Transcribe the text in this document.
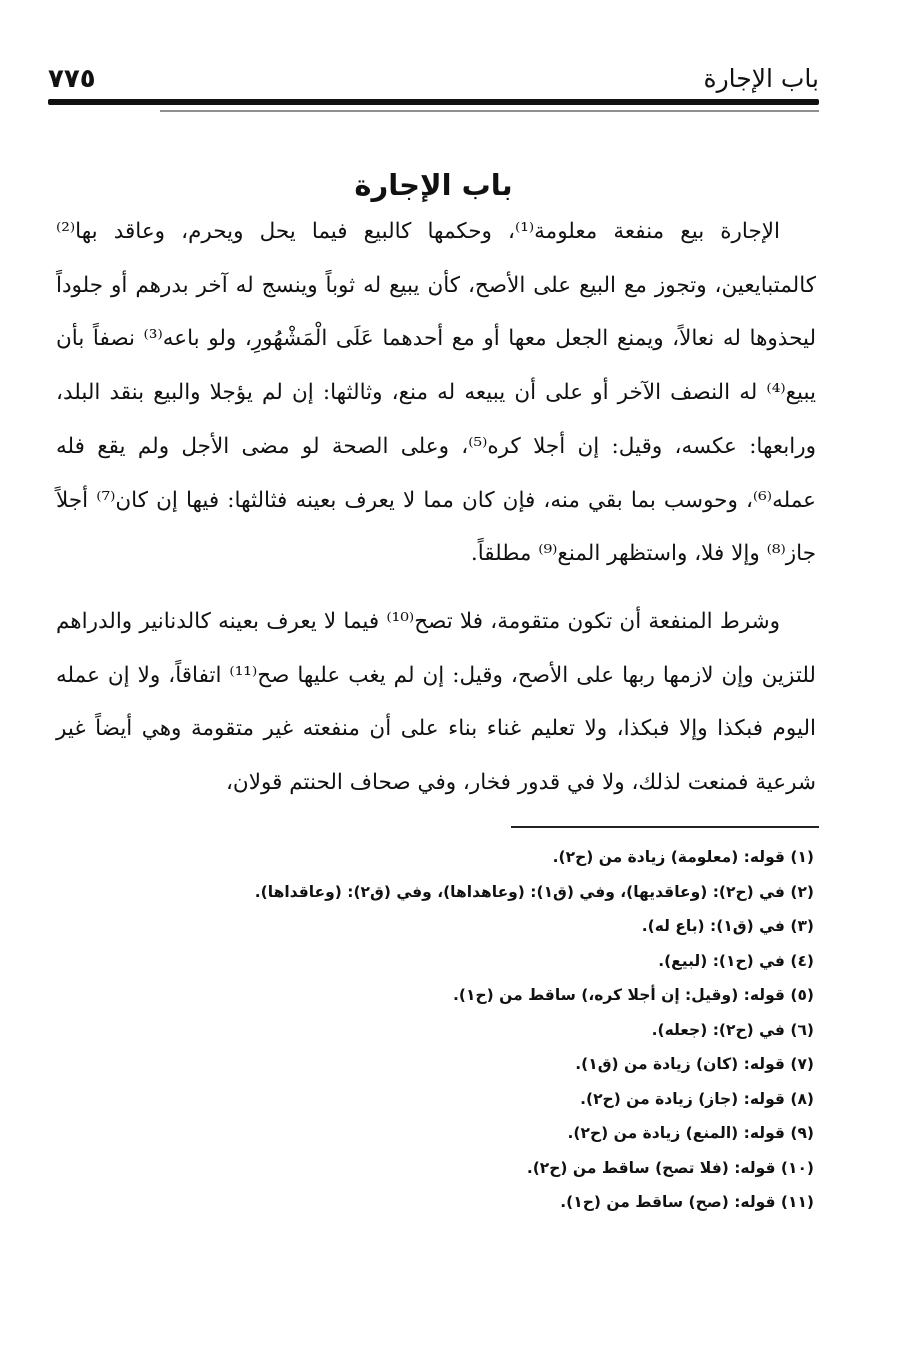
باب الإجارة
٧٧٥
باب الإجارة

الإجارة بيع منفعة معلومة⁽¹⁾، وحكمها كالبيع فيما يحل ويحرم، وعاقد بها⁽²⁾ كالمتبايعين، وتجوز مع البيع على الأصح، كأن يبيع له ثوباً وينسج له آخر بدرهم أو جلوداً ليحذوها له نعالاً، ويمنع الجعل معها أو مع أحدهما عَلَى الْمَشْهُورِ، ولو باعه⁽³⁾ نصفاً بأن يبيع⁽⁴⁾ له النصف الآخر أو على أن يبيعه له منع، وثالثها: إن لم يؤجلا والبيع بنقد البلد، ورابعها: عكسه، وقيل: إن أجلا كره⁽⁵⁾، وعلى الصحة لو مضى الأجل ولم يقع فله عمله⁽⁶⁾، وحوسب بما بقي منه، فإن كان مما لا يعرف بعينه فثالثها: فيها إن كان⁽⁷⁾ أجلاً جاز⁽⁸⁾ وإلا فلا، واستظهر المنع⁽⁹⁾ مطلقاً.

وشرط المنفعة أن تكون متقومة، فلا تصح⁽¹⁰⁾ فيما لا يعرف بعينه كالدنانير والدراهم للتزين وإن لازمها ربها على الأصح، وقيل: إن لم يغب عليها صح⁽¹¹⁾ اتفاقاً، ولا إن عمله اليوم فبكذا وإلا فبكذا، ولا تعليم غناء بناء على أن منفعته غير متقومة وهي أيضاً غير شرعية فمنعت لذلك، ولا في قدور فخار، وفي صحاف الحنتم قولان،

(١) قوله: (معلومة) زيادة من (ح٢).
(٢) في (ح٢): (وعاقديها)، وفي (ق١): (وعاهداها)، وفي (ق٢): (وعاقداها).
(٣) في (ق١): (باع له).
(٤) في (ح١): (لبيع).
(٥) قوله: (وقيل: إن أجلا كره،) ساقط من (ح١).
(٦) في (ح٢): (جعله).
(٧) قوله: (كان) زيادة من (ق١).
(٨) قوله: (جاز) زيادة من (ح٢).
(٩) قوله: (المنع) زيادة من (ح٢).
(١٠) قوله: (فلا تصح) ساقط من (ح٢).
(١١) قوله: (صح) ساقط من (ح١).
